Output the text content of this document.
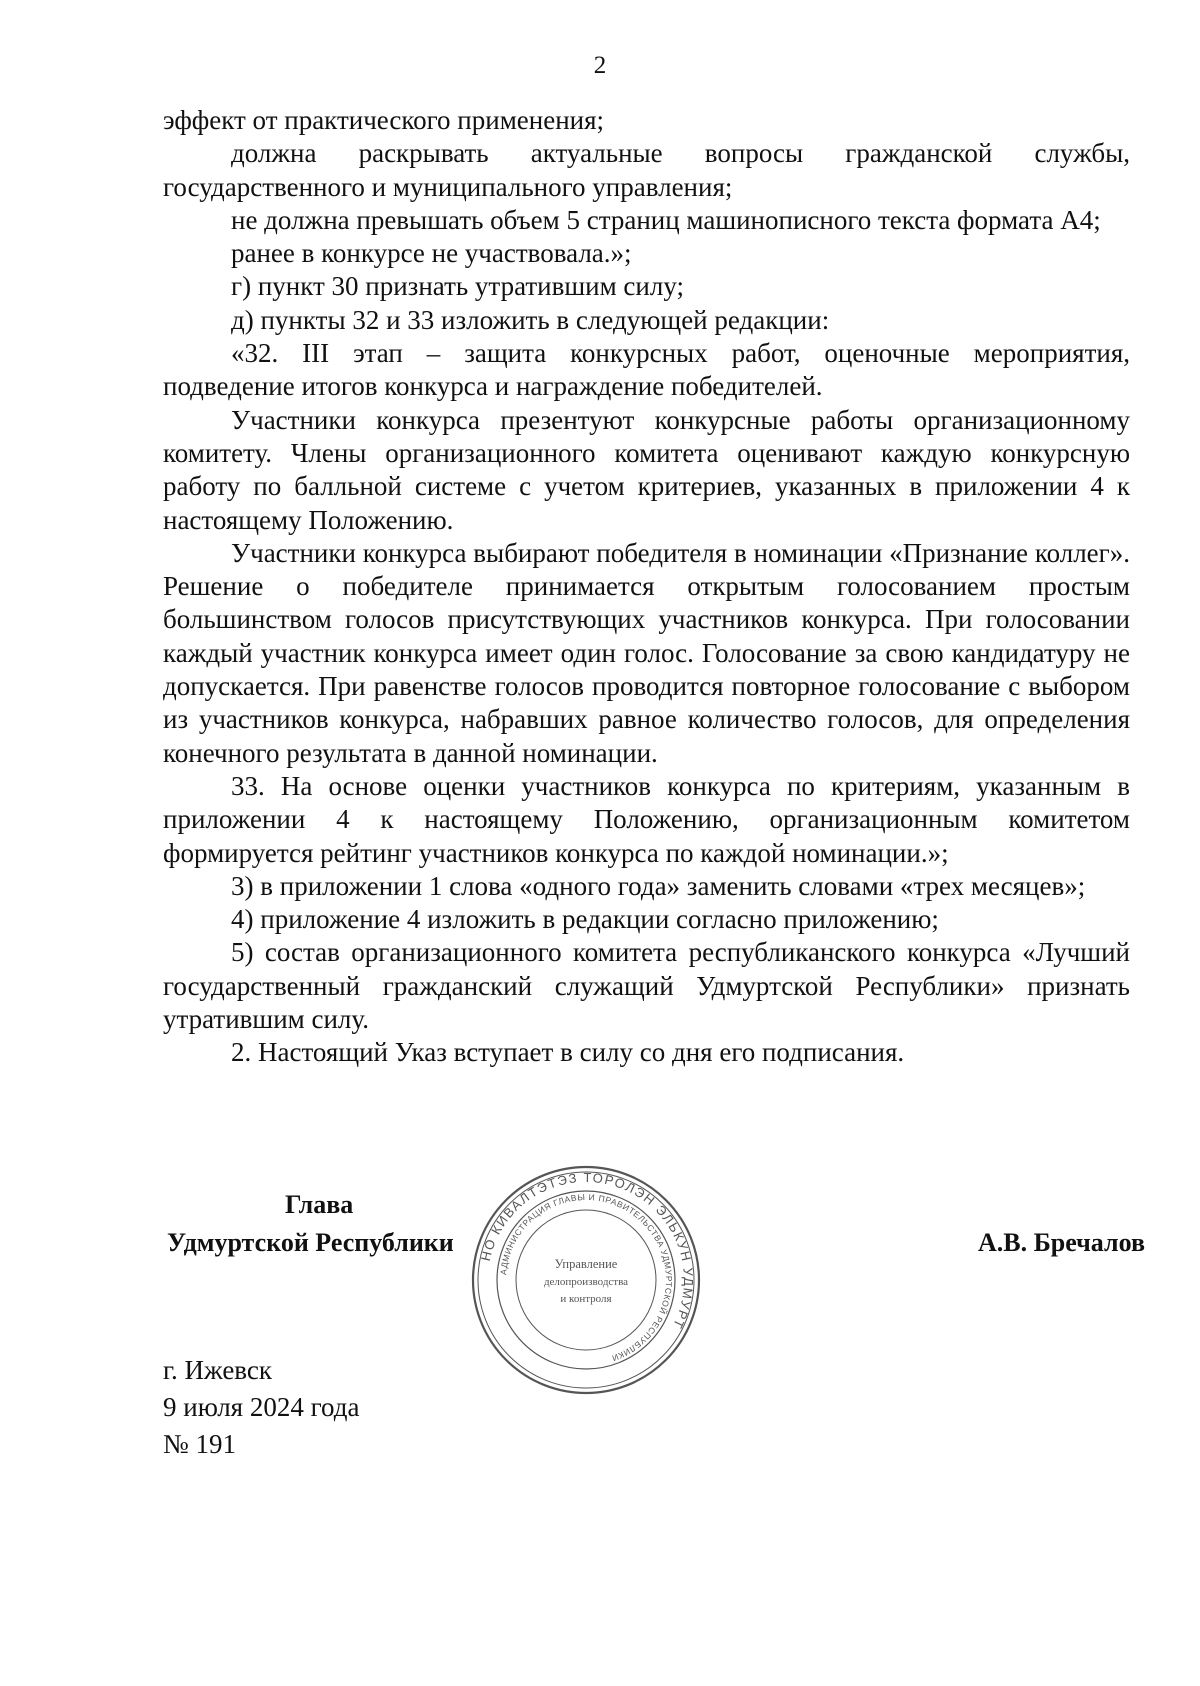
2

эффект от практического применения;

должна раскрывать актуальные вопросы гражданской службы, государственного и муниципального управления;

не должна превышать объем 5 страниц машинописного текста формата А4;

ранее в конкурсе не участвовала.»;

г) пункт 30 признать утратившим силу;

д) пункты 32 и 33 изложить в следующей редакции:

«32. III этап – защита конкурсных работ, оценочные мероприятия, подведение итогов конкурса и награждение победителей.

Участники конкурса презентуют конкурсные работы организационному комитету. Члены организационного комитета оценивают каждую конкурсную работу по балльной системе с учетом критериев, указанных в приложении 4 к настоящему Положению.

Участники конкурса выбирают победителя в номинации «Признание коллег». Решение о победителе принимается открытым голосованием простым большинством голосов присутствующих участников конкурса. При голосовании каждый участник конкурса имеет один голос. Голосование за свою кандидатуру не допускается. При равенстве голосов проводится повторное голосование с выбором из участников конкурса, набравших равное количество голосов, для определения конечного результата в данной номинации.

33. На основе оценки участников конкурса по критериям, указанным в приложении 4 к настоящему Положению, организационным комитетом формируется рейтинг участников конкурса по каждой номинации.»;

3) в приложении 1 слова «одного года» заменить словами «трех месяцев»;

4) приложение 4 изложить в редакции согласно приложению;

5) состав организационного комитета республиканского конкурса «Лучший государственный гражданский служащий Удмуртской Республики» признать утратившим силу.

2. Настоящий Указ вступает в силу со дня его подписания.

Глава
Удмуртской Республики	А.В. Бречалов
НО КИВАЛТЭТЭЗ ТОРОЛЭН ЭЛЬКУН УДМУРТ
АДМИНИСТРАЦИЯ ГЛАВЫ И ПРАВИТЕЛЬСТВА УДМУРТСКОЙ РЕСПУБЛИКИ
Управление
делопроизводства
и контроля
г. Ижевск
9 июля 2024 года
№ 191
